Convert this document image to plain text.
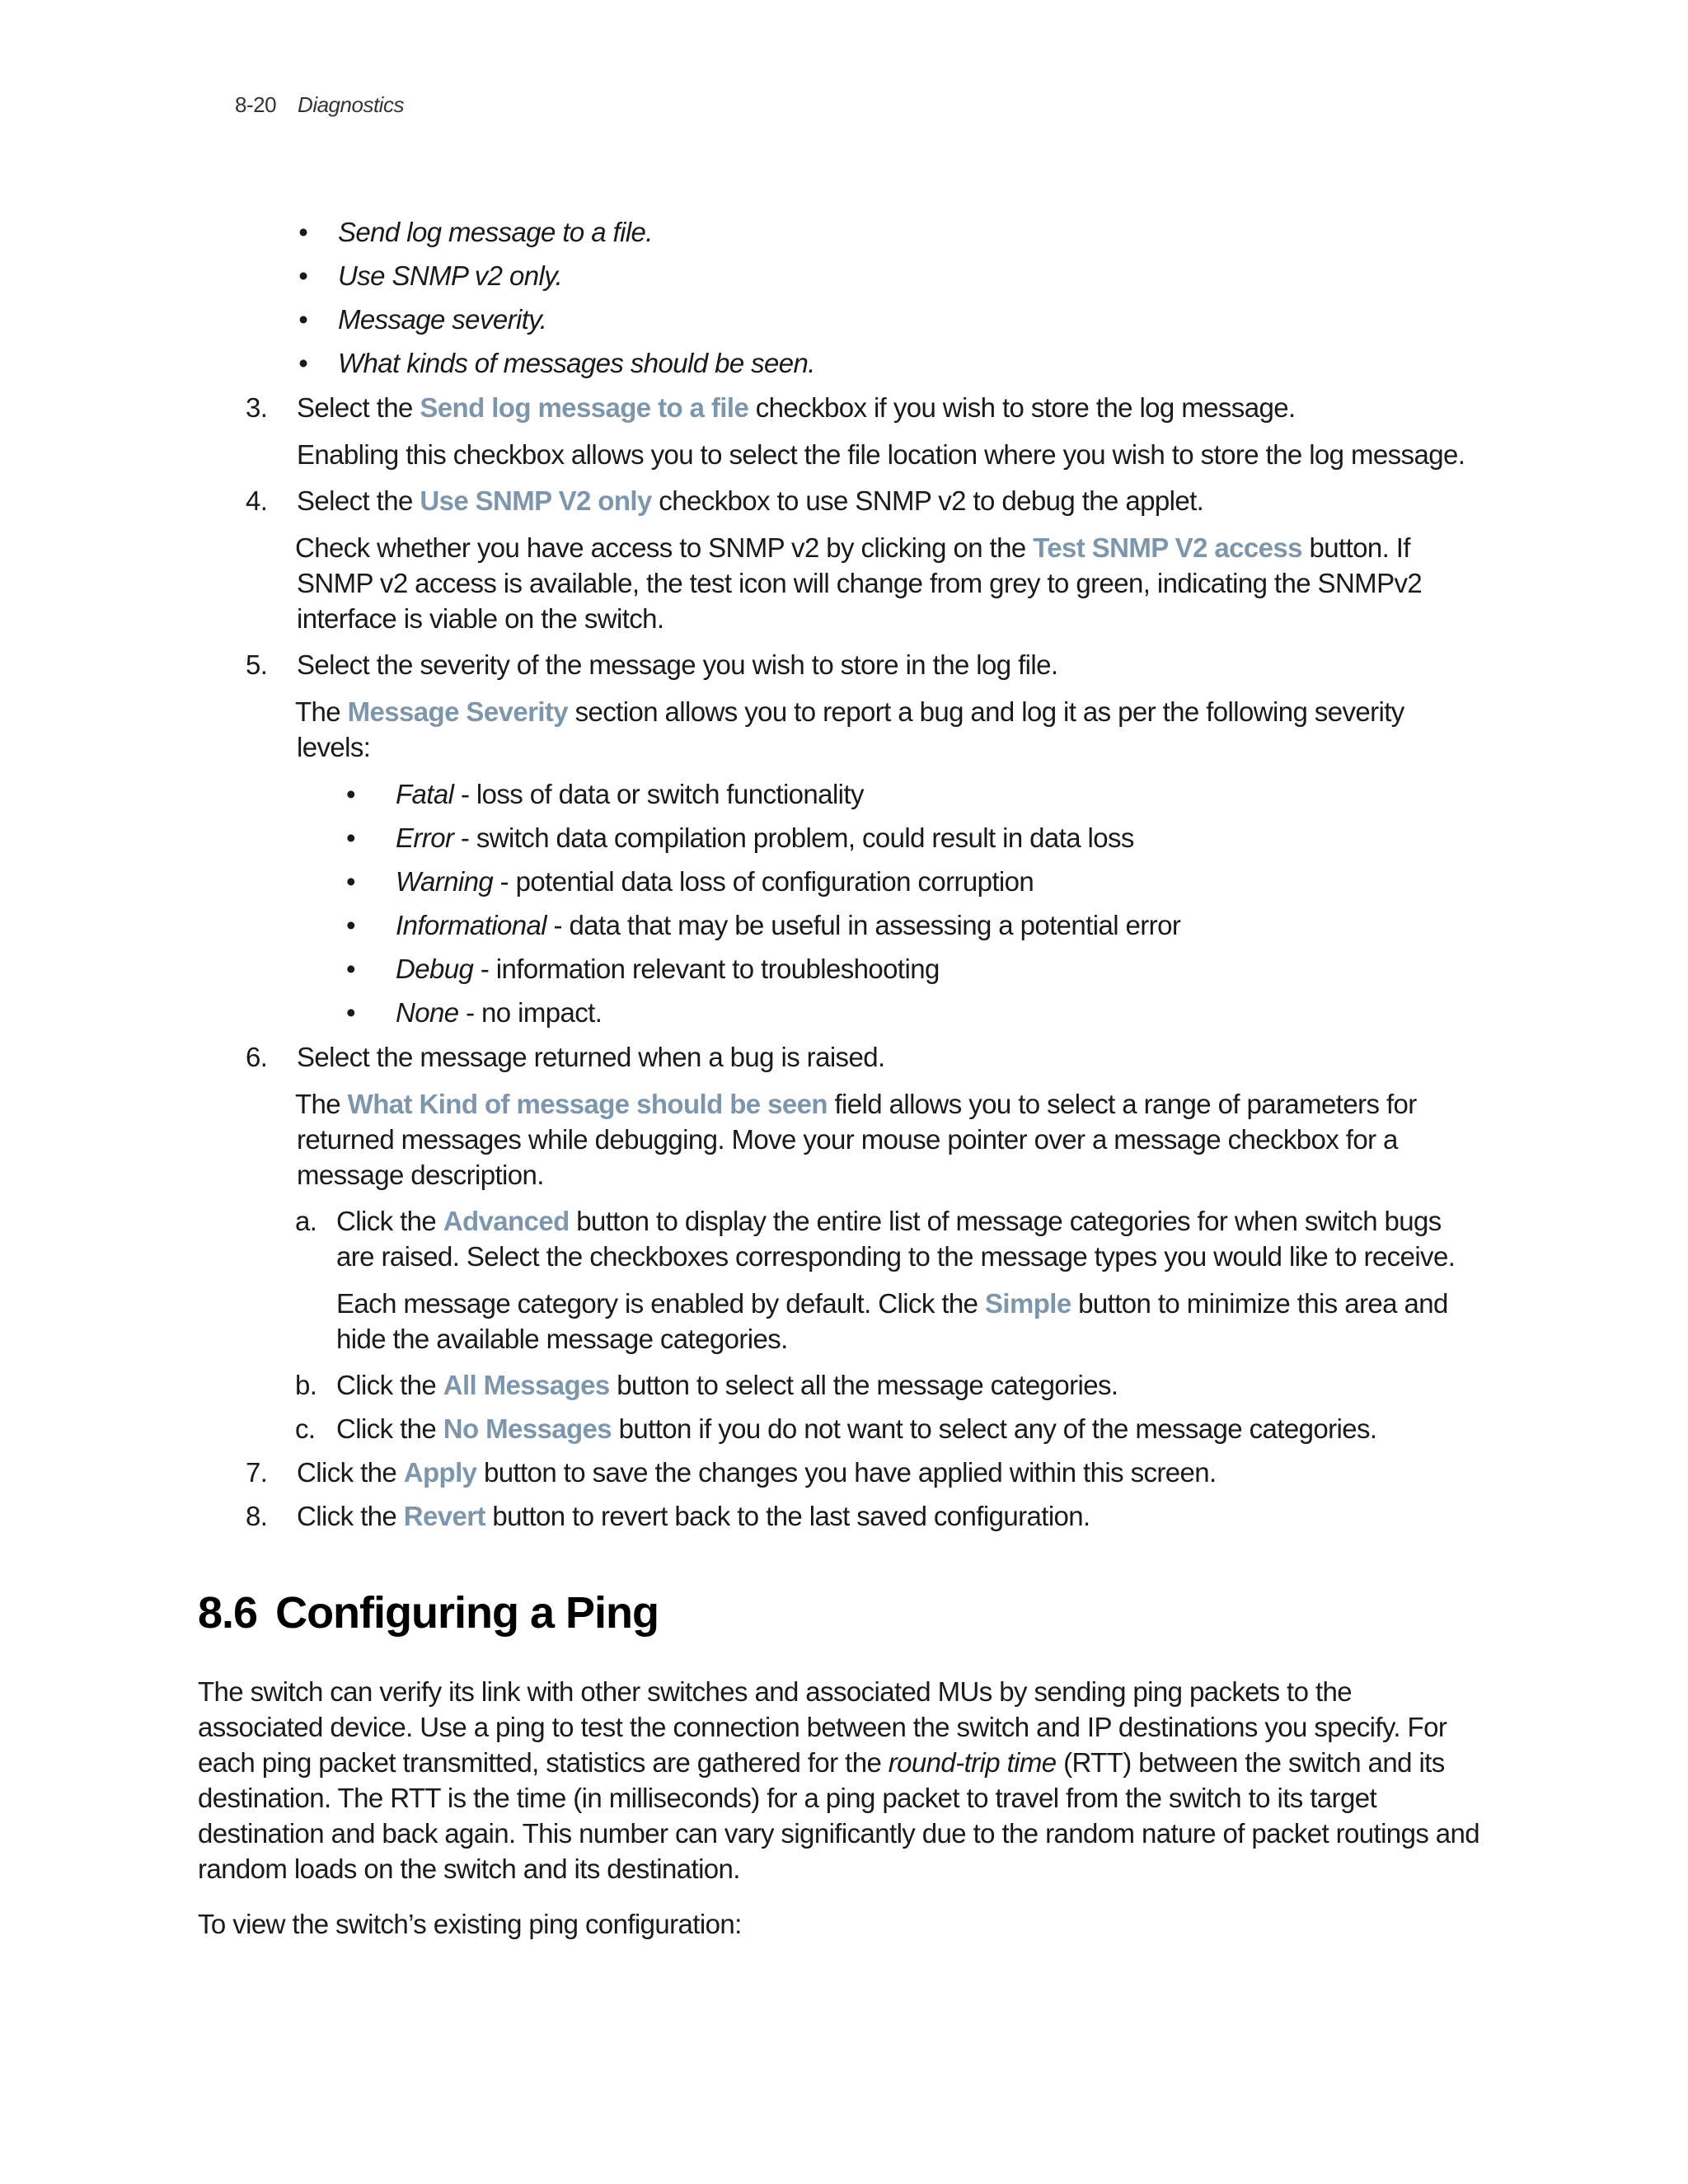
8-20 Diagnostics
• Send log message to a file.
• Use SNMP v2 only.
• Message severity.
• What kinds of messages should be seen.
3. Select the Send log message to a file checkbox if you wish to store the log message.
Enabling this checkbox allows you to select the file location where you wish to store the log message.
4. Select the Use SNMP V2 only checkbox to use SNMP v2 to debug the applet.
Check whether you have access to SNMP v2 by clicking on the Test SNMP V2 access button. If
SNMP v2 access is available, the test icon will change from grey to green, indicating the SNMPv2
interface is viable on the switch.
5. Select the severity of the message you wish to store in the log file.
The Message Severity section allows you to report a bug and log it as per the following severity
levels:
• Fatal - loss of data or switch functionality
• Error - switch data compilation problem, could result in data loss
• Warning - potential data loss of configuration corruption
• Informational - data that may be useful in assessing a potential error
• Debug - information relevant to troubleshooting
• None - no impact.
6. Select the message returned when a bug is raised.
The What Kind of message should be seen field allows you to select a range of parameters for
returned messages while debugging. Move your mouse pointer over a message checkbox for a
message description.
a. Click the Advanced button to display the entire list of message categories for when switch bugs
are raised. Select the checkboxes corresponding to the message types you would like to receive.
Each message category is enabled by default. Click the Simple button to minimize this area and
hide the available message categories.
b. Click the All Messages button to select all the message categories.
c. Click the No Messages button if you do not want to select any of the message categories.
7. Click the Apply button to save the changes you have applied within this screen.
8. Click the Revert button to revert back to the last saved configuration.
8.6 Configuring a Ping
The switch can verify its link with other switches and associated MUs by sending ping packets to the
associated device. Use a ping to test the connection between the switch and IP destinations you specify. For
each ping packet transmitted, statistics are gathered for the round-trip time (RTT) between the switch and its
destination. The RTT is the time (in milliseconds) for a ping packet to travel from the switch to its target
destination and back again. This number can vary significantly due to the random nature of packet routings and
random loads on the switch and its destination.
To view the switch’s existing ping configuration:
